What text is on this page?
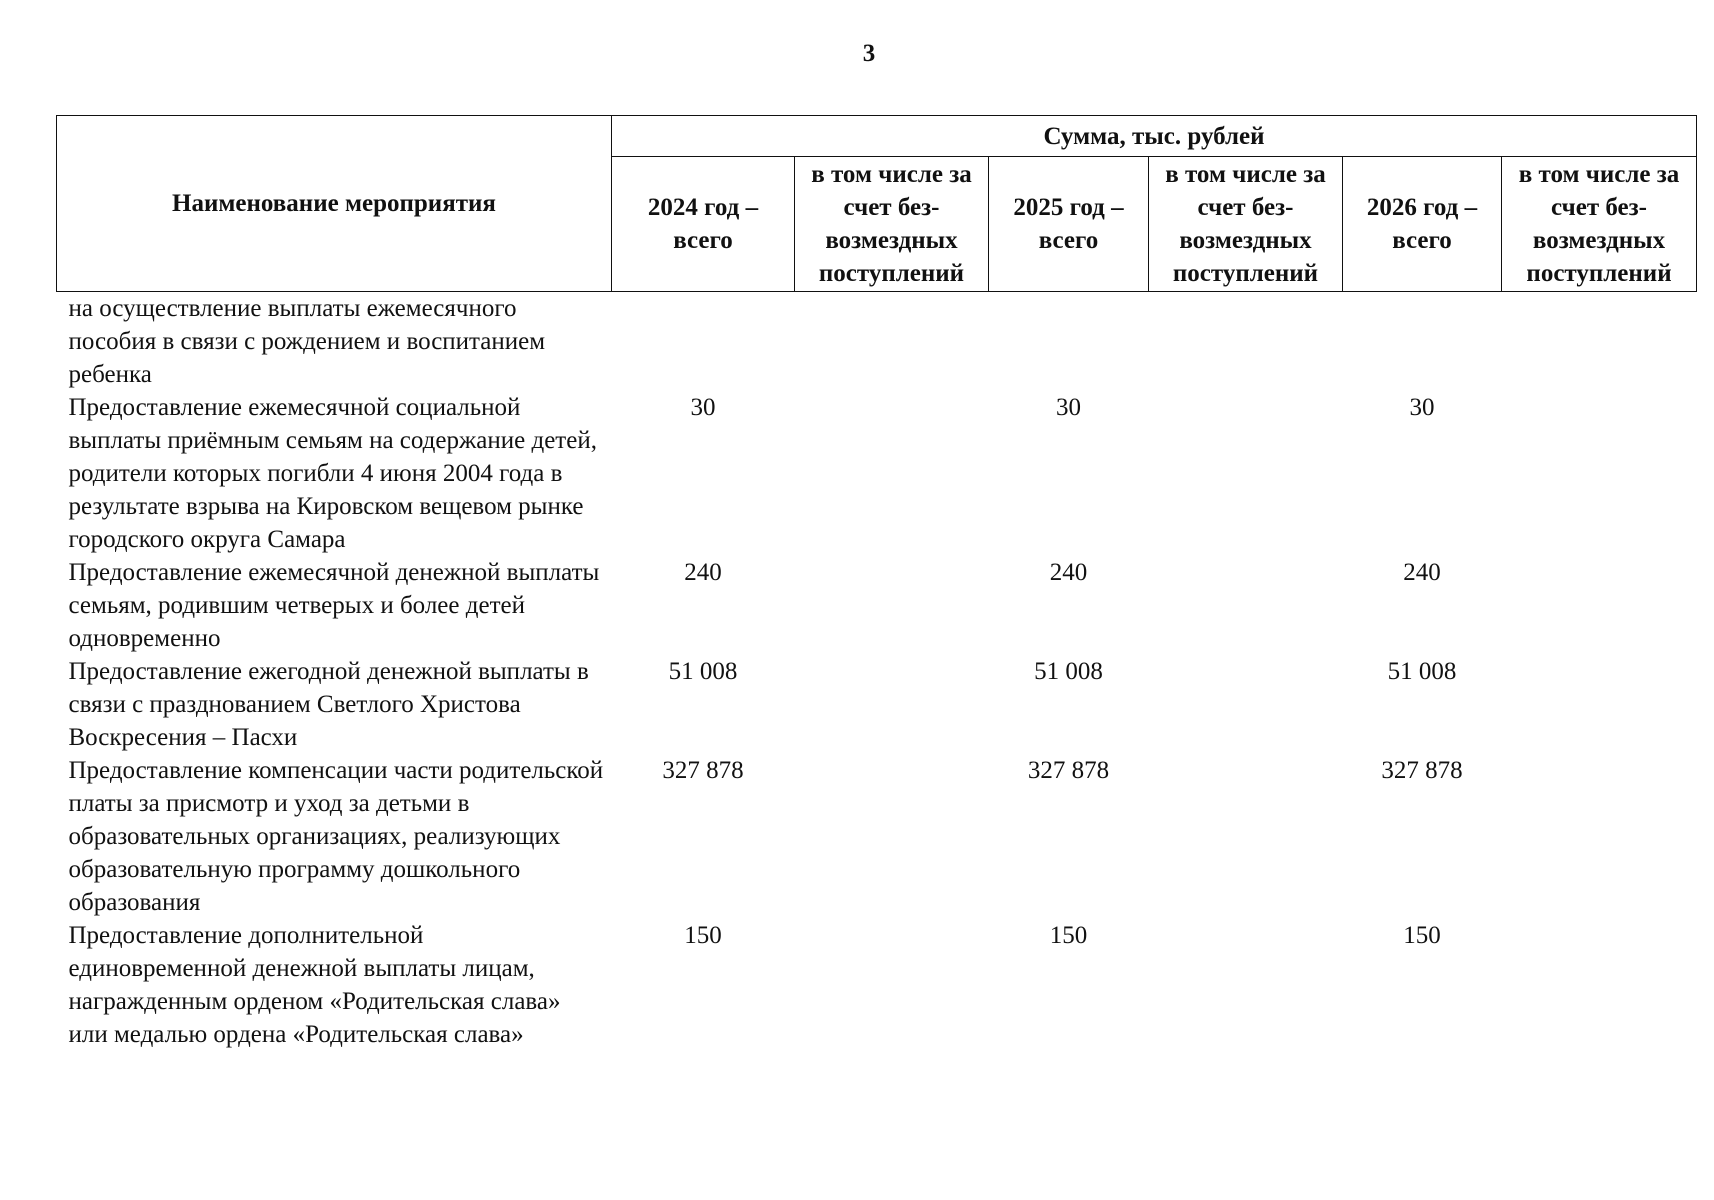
3
Наименование мероприятия	Сумма, тыс. рублей					
	2024 год – всего	в том числе за счет без-возмездных поступлений	2025 год – всего	в том числе за счет без-возмездных поступлений	2026 год – всего	в том числе за счет без-возмездных поступлений
на осуществление выплаты ежемесячного пособия в связи с рождением и воспитанием ребенка						
Предоставление ежемесячной социальной выплаты приёмным семьям на содержание детей, родители которых погибли 4 июня 2004 года в результате взрыва на Кировском вещевом рынке городского округа Самара	30		30		30	
Предоставление ежемесячной денежной выплаты семьям, родившим четверых и более детей одновременно	240		240		240	
Предоставление ежегодной денежной выплаты в связи с празднованием Светлого Христова Воскресения – Пасхи	51 008		51 008		51 008	
Предоставление компенсации части родительской платы за присмотр и уход за детьми в образовательных организациях, реализующих образовательную программу дошкольного образования	327 878		327 878		327 878	
Предоставление дополнительной единовременной денежной выплаты лицам, награжденным орденом «Родительская слава» или медалью ордена «Родительская слава»	150		150		150	
